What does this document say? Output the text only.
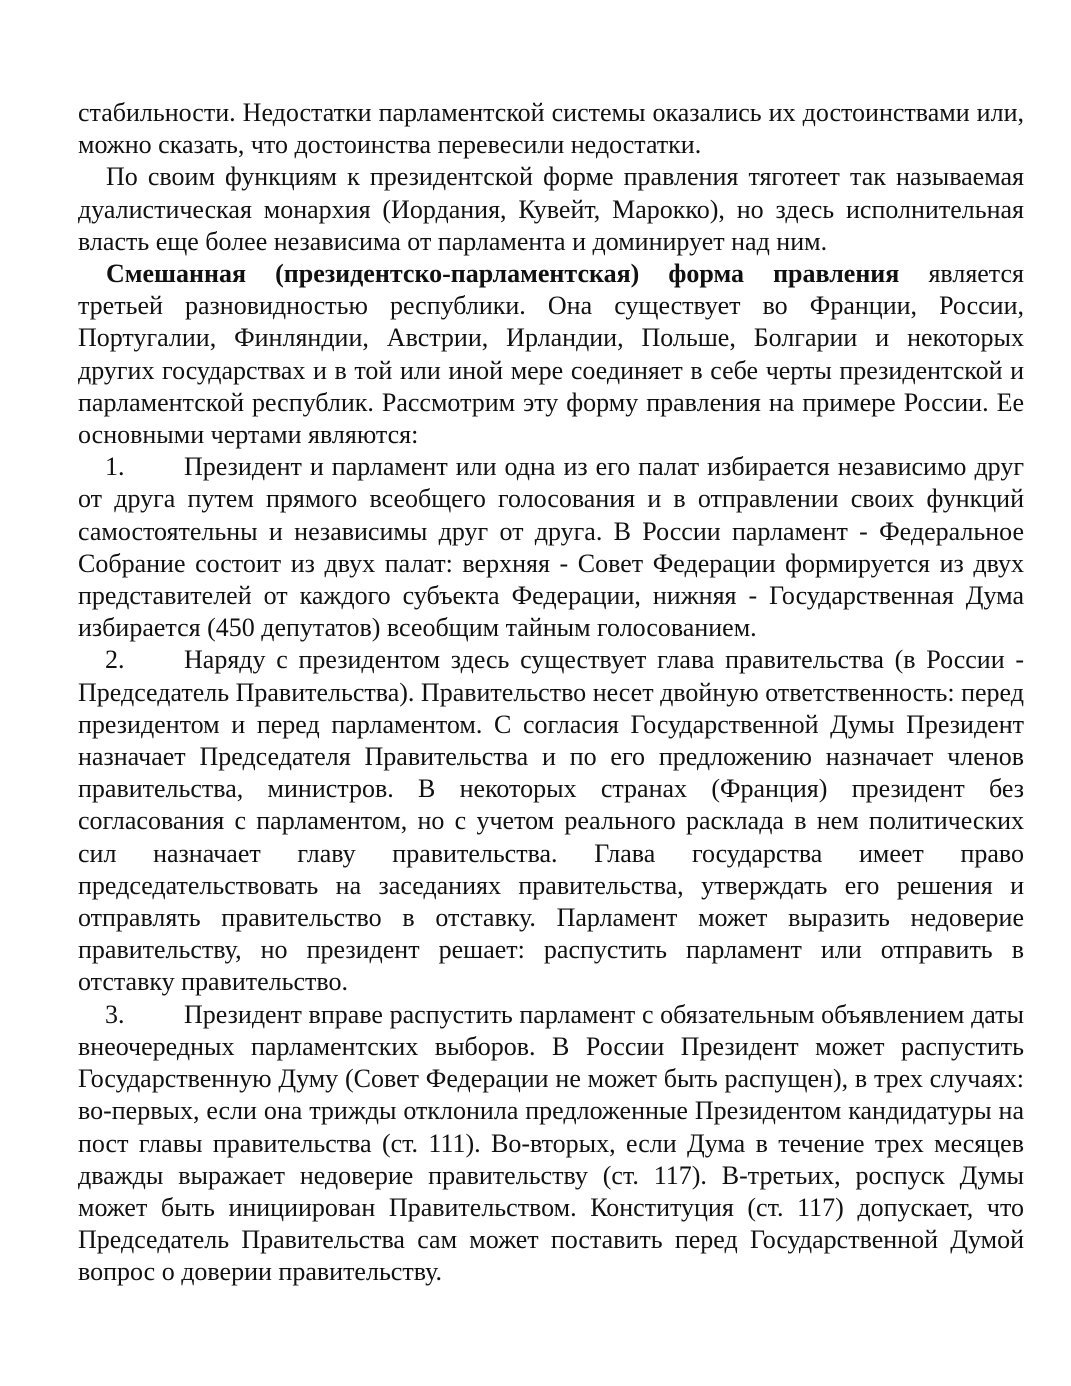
стабильности. Недостатки парламентской системы оказались их достоинствами или, можно сказать, что достоинства перевесили недостатки.

По своим функциям к президентской форме правления тяготеет так называемая дуалистическая монархия (Иордания, Кувейт, Марокко), но здесь исполнительная власть еще более независима от парламента и доминирует над ним.

Смешанная (президентско-парламентская) форма правления является третьей разновидностью республики. Она существует во Франции, России, Португалии, Финляндии, Австрии, Ирландии, Польше, Болгарии и некоторых других государствах и в той или иной мере соединяет в себе черты президентской и парламентской республик. Рассмотрим эту форму правления на примере России. Ее основными чертами являются:

1. Президент и парламент или одна из его палат избирается независимо друг от друга путем прямого всеобщего голосования и в отправлении своих функций самостоятельны и независимы друг от друга. В России парламент - Федеральное Собрание состоит из двух палат: верхняя - Совет Федерации формируется из двух представителей от каждого субъекта Федерации, нижняя - Государственная Дума избирается (450 депутатов) всеобщим тайным голосованием.

2. Наряду с президентом здесь существует глава правительства (в России - Председатель Правительства). Правительство несет двойную ответственность: перед президентом и перед парламентом. С согласия Государственной Думы Президент назначает Председателя Правительства и по его предложению назначает членов правительства, министров. В некоторых странах (Франция) президент без согласования с парламентом, но с учетом реального расклада в нем политических сил назначает главу правительства. Глава государства имеет право председательствовать на заседаниях правительства, утверждать его решения и отправлять правительство в отставку. Парламент может выразить недоверие правительству, но президент решает: распустить парламент или отправить в отставку правительство.

3. Президент вправе распустить парламент с обязательным объявлением даты внеочередных парламентских выборов. В России Президент может распустить Государственную Думу (Совет Федерации не может быть распущен), в трех случаях: во-первых, если она трижды отклонила предложенные Президентом кандидатуры на пост главы правительства (ст. 111). Во-вторых, если Дума в течение трех месяцев дважды выражает недоверие правительству (ст. 117). В-третьих, роспуск Думы может быть инициирован Правительством. Конституция (ст. 117) допускает, что Председатель Правительства сам может поставить перед Государственной Думой вопрос о доверии правительству.
